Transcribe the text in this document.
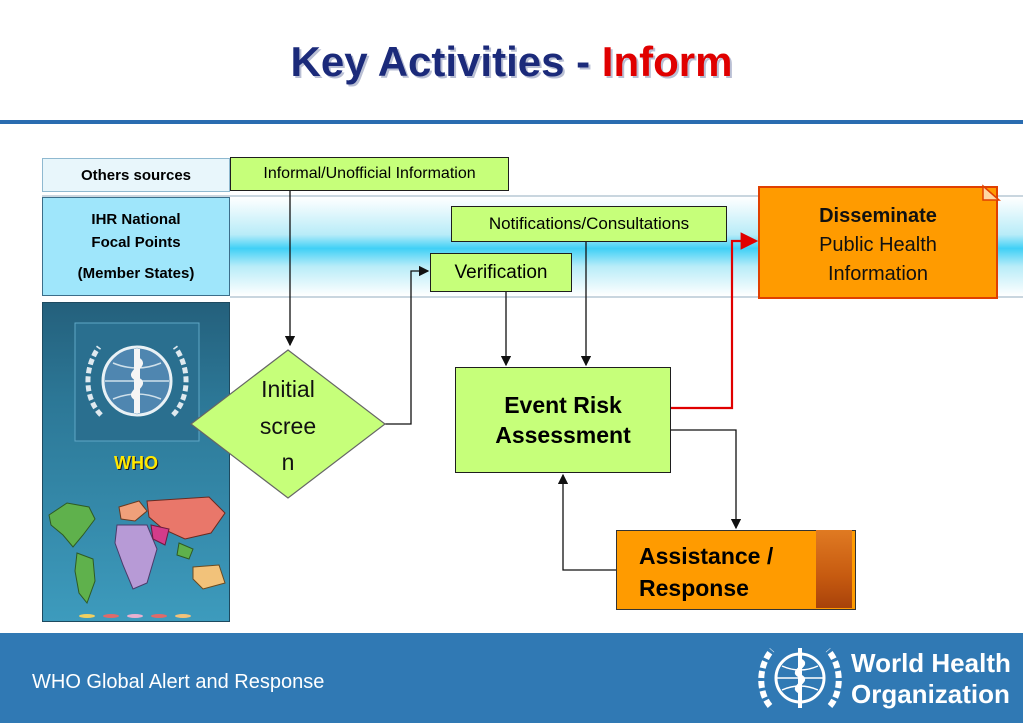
Key Activities - Inform
Others sources
IHR National
Focal Points
(Member States)
WHO
Initial
scree
n
Informal/Unofficial Information
Notifications/Consultations
Verification
Event Risk
Assessment
Disseminate
Public Health
Information
Assistance /
Response
WHO Global Alert and Response
World Health
Organization
